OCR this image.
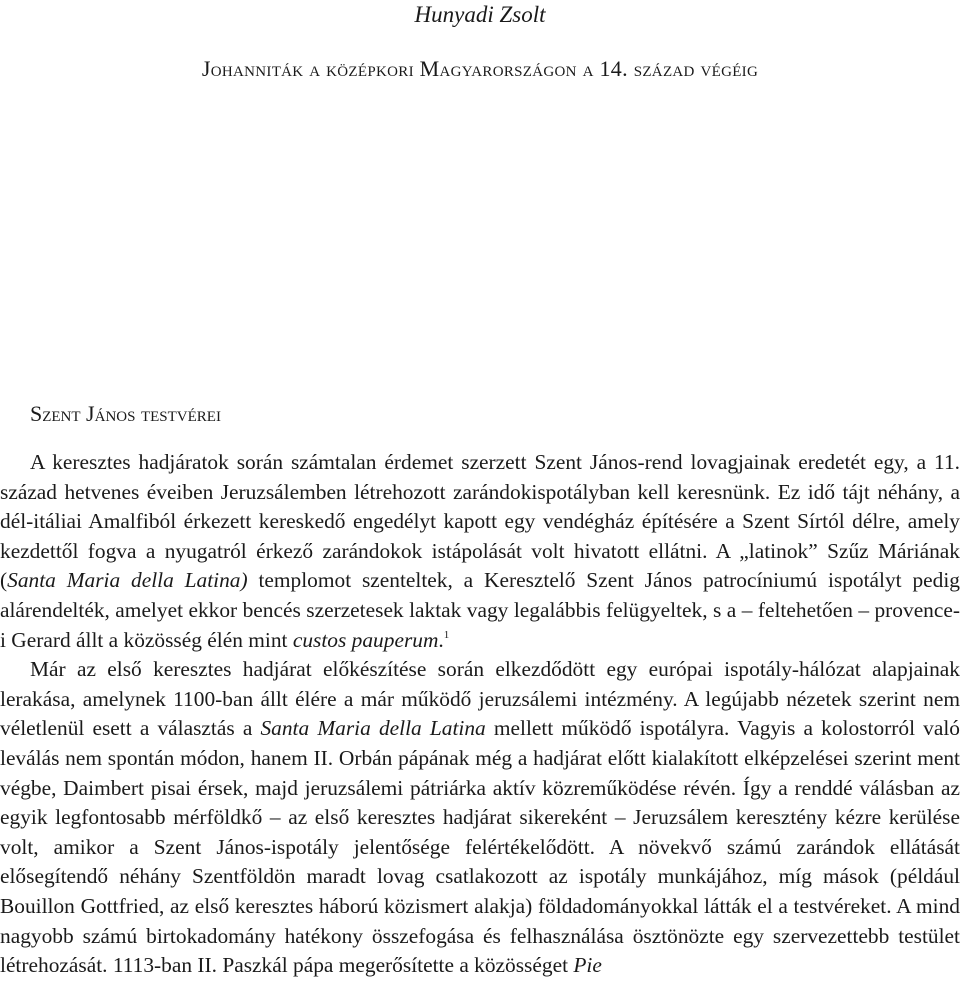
Hunyadi Zsolt
Johanniták a középkori Magyarországon a 14. század végéig
Szent János testvérei

A keresztes hadjáratok során számtalan érdemet szerzett Szent János-rend lovagjainak eredetét egy, a 11. század hetvenes éveiben Jeruzsálemben létrehozott zarándokispotályban kell keresnünk. Ez idő tájt néhány, a dél-itáliai Amalfiból érkezett kereskedő engedélyt kapott egy vendégház építésére a Szent Sírtól délre, amely kezdettől fogva a nyugatról érkező zarándokok istápolását volt hivatott ellátni. A „latinok” Szűz Máriának (Santa Maria della Latina) templomot szenteltek, a Keresztelő Szent János patrocíniumú ispotályt pedig alárendelték, amelyet ekkor bencés szerzetesek laktak vagy legalábbis felügyeltek, s a – feltehetően – provence-i Gerard állt a közösség élén mint custos pauperum.$^1$

Már az első keresztes hadjárat előkészítése során elkezdődött egy európai ispotály-hálózat alapjainak lerakása, amelynek 1100-ban állt élére a már működő jeruzsálemi intézmény. A legújabb nézetek szerint nem véletlenül esett a választás a Santa Maria della Latina mellett működő ispotályra. Vagyis a kolostorról való leválás nem spontán módon, hanem II. Orbán pápának még a hadjárat előtt kialakított elképzelései szerint ment végbe, Daimbert pisai érsek, majd jeruzsálemi pátriárka aktív közreműködése révén. Így a renddé válásban az egyik legfontosabb mérföldkő – az első keresztes hadjárat sikereként – Jeruzsálem keresztény kézre kerülése volt, amikor a Szent János-ispotály jelentősége felértékelődött. A növekvő számú zarándok ellátását elősegítendő néhány Szentföldön maradt lovag csatlakozott az ispotály munkájához, míg mások (például Bouillon Gottfried, az első keresztes háború közismert alakja) földadományokkal látták el a testvéreket. A mind nagyobb számú birtokadomány hatékony összefogása és felhasználása ösztönözte egy szervezettebb testület létrehozását. 1113-ban II. Paszkál pápa megerősítette a közösséget Pie
